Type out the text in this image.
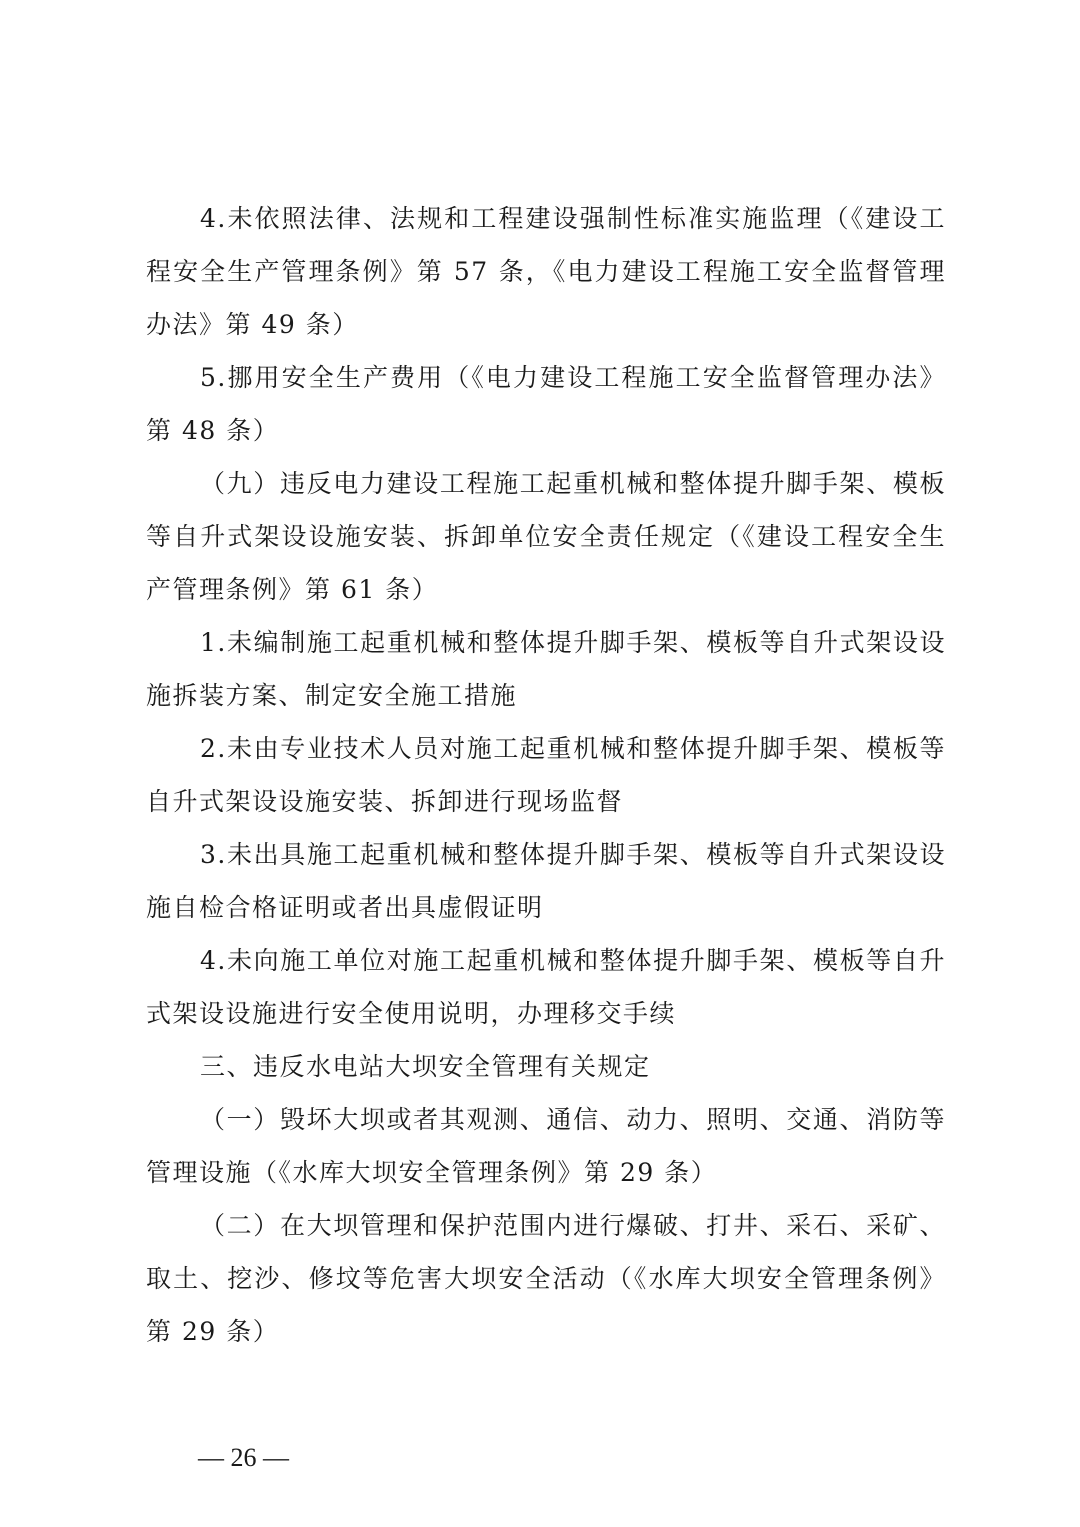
4.未依照法律、法规和工程建设强制性标准实施监理（《建设工程安全生产管理条例》第 57 条，《电力建设工程施工安全监督管理办法》第 49 条）

5.挪用安全生产费用（《电力建设工程施工安全监督管理办法》第 48 条）

（九）违反电力建设工程施工起重机械和整体提升脚手架、模板等自升式架设设施安装、拆卸单位安全责任规定（《建设工程安全生产管理条例》第 61 条）

1.未编制施工起重机械和整体提升脚手架、模板等自升式架设设施拆装方案、制定安全施工措施

2.未由专业技术人员对施工起重机械和整体提升脚手架、模板等自升式架设设施安装、拆卸进行现场监督

3.未出具施工起重机械和整体提升脚手架、模板等自升式架设设施自检合格证明或者出具虚假证明

4.未向施工单位对施工起重机械和整体提升脚手架、模板等自升式架设设施进行安全使用说明，办理移交手续

三、违反水电站大坝安全管理有关规定

（一）毁坏大坝或者其观测、通信、动力、照明、交通、消防等管理设施（《水库大坝安全管理条例》第 29 条）

（二）在大坝管理和保护范围内进行爆破、打井、采石、采矿、取土、挖沙、修坟等危害大坝安全活动（《水库大坝安全管理条例》第 29 条）

— 26 —
